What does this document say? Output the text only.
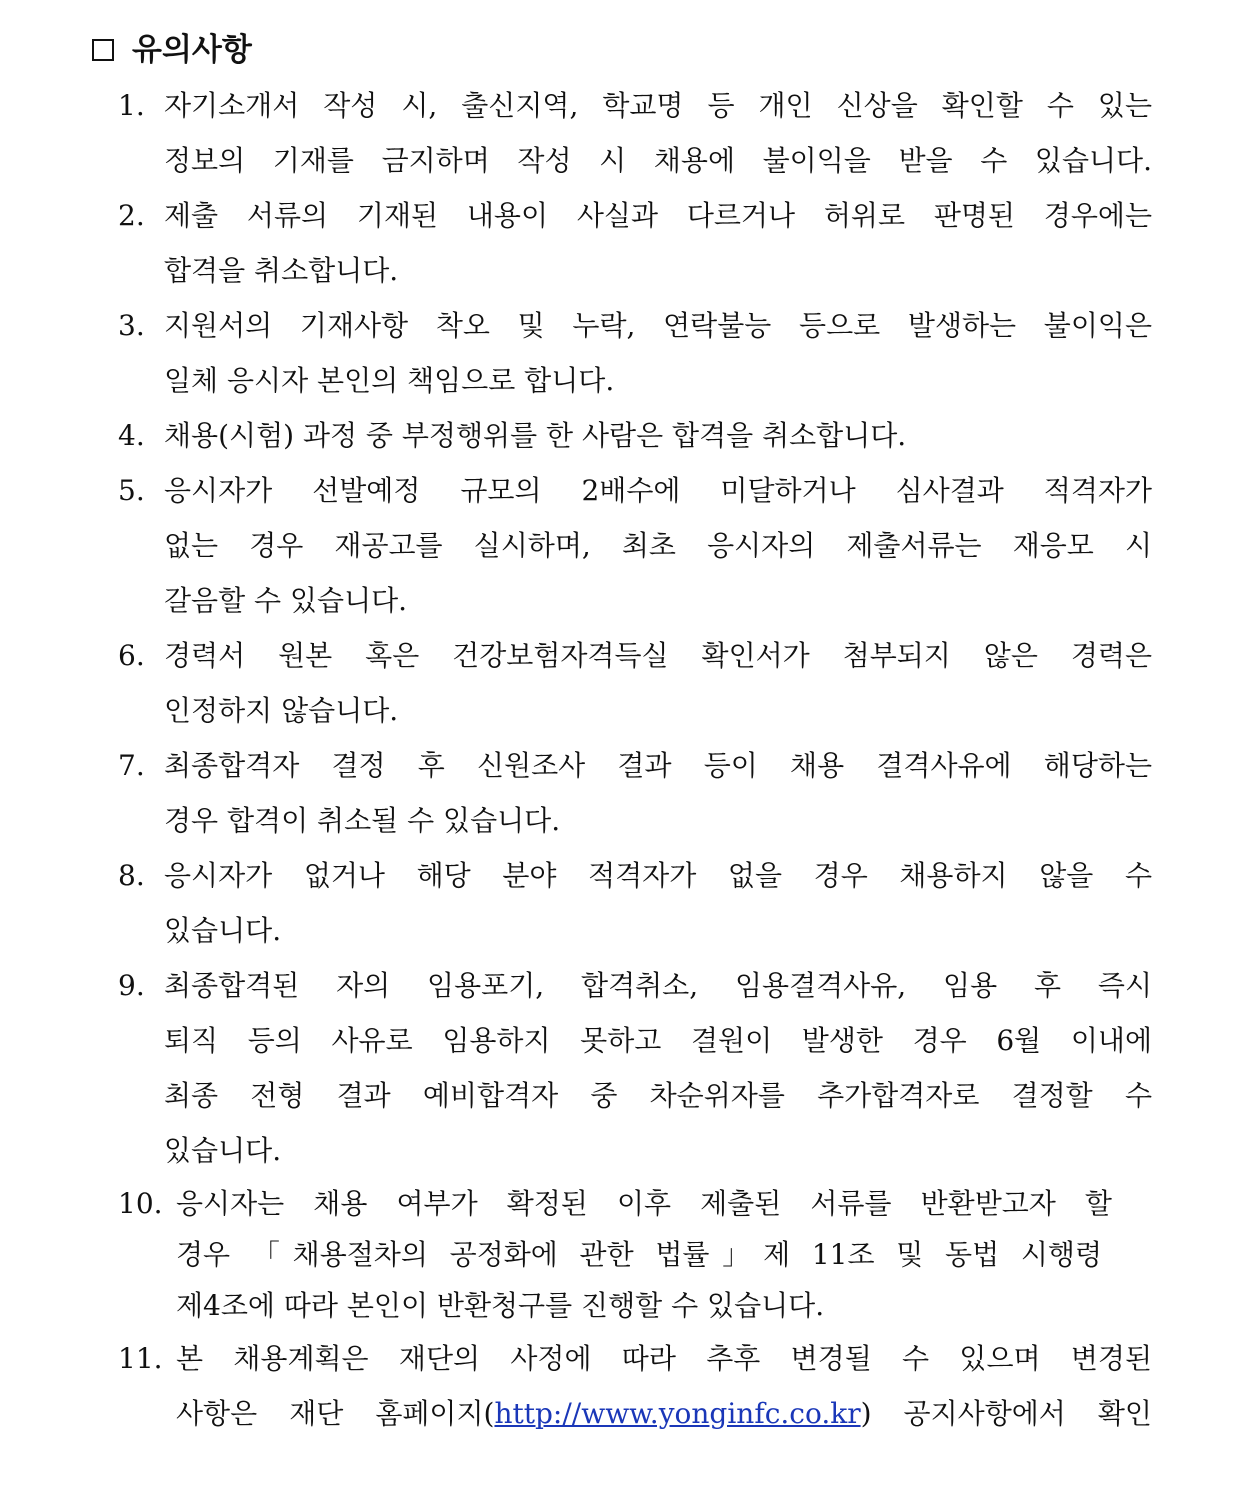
유의사항
1. 자기소개서 작성 시, 출신지역, 학교명 등 개인 신상을 확인할 수 있는
정보의 기재를 금지하며 작성 시 채용에 불이익을 받을 수 있습니다.
2. 제출 서류의 기재된 내용이 사실과 다르거나 허위로 판명된 경우에는
합격을 취소합니다.
3. 지원서의 기재사항 착오 및 누락, 연락불능 등으로 발생하는 불이익은
일체 응시자 본인의 책임으로 합니다.
4. 채용(시험) 과정 중 부정행위를 한 사람은 합격을 취소합니다.
5. 응시자가 선발예정 규모의 2배수에 미달하거나 심사결과 적격자가
없는 경우 재공고를 실시하며, 최초 응시자의 제출서류는 재응모 시
갈음할 수 있습니다.
6. 경력서 원본 혹은 건강보험자격득실 확인서가 첨부되지 않은 경력은
인정하지 않습니다.
7. 최종합격자 결정 후 신원조사 결과 등이 채용 결격사유에 해당하는
경우 합격이 취소될 수 있습니다.
8. 응시자가 없거나 해당 분야 적격자가 없을 경우 채용하지 않을 수
있습니다.
9. 최종합격된 자의 임용포기, 합격취소, 임용결격사유, 임용 후 즉시
퇴직 등의 사유로 임용하지 못하고 결원이 발생한 경우 6월 이내에
최종 전형 결과 예비합격자 중 차순위자를 추가합격자로 결정할 수
있습니다.
10. 응시자는 채용 여부가 확정된 이후 제출된 서류를 반환받고자 할
경우 「채용절차의 공정화에 관한 법률」제 11조 및 동법 시행령
제4조에 따라 본인이 반환청구를 진행할 수 있습니다.
11. 본 채용계획은 재단의 사정에 따라 추후 변경될 수 있으며 변경된
사항은 재단 홈페이지(http://www.yonginfc.co.kr) 공지사항에서 확인
